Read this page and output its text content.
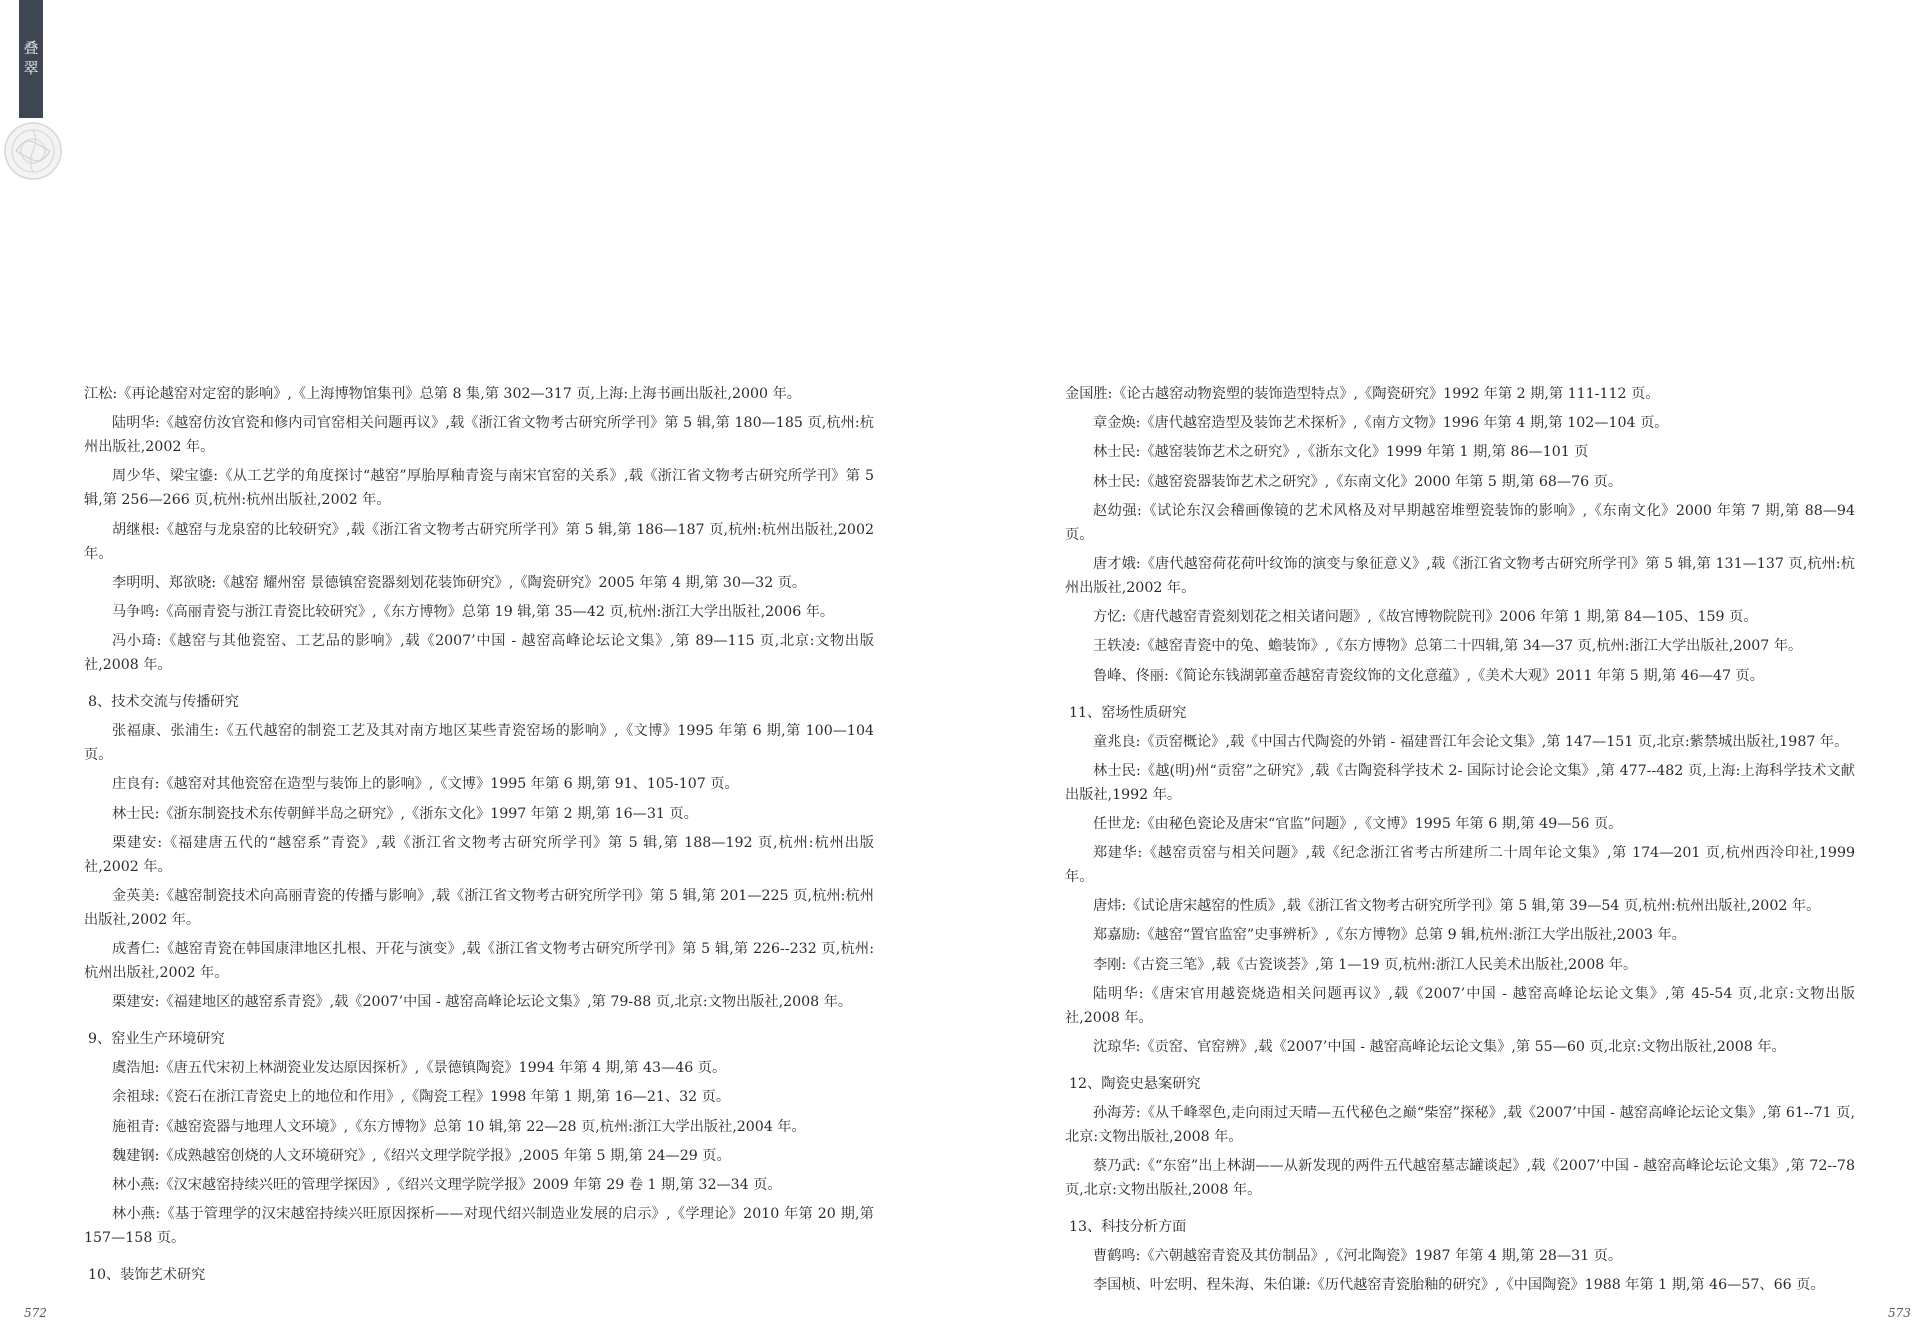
叠翠
江松:《再论越窑对定窑的影响》,《上海博物馆集刊》总第 8 集,第 302—317 页,上海:上海书画出版社,2000 年。
陆明华:《越窑仿汝官瓷和修内司官窑相关问题再议》,载《浙江省文物考古研究所学刊》第 5 辑,第 180—185 页,杭州:杭州出版社,2002 年。
周少华、梁宝鎏:《从工艺学的角度探讨“越窑”厚胎厚釉青瓷与南宋官窑的关系》,载《浙江省文物考古研究所学刊》第 5 辑,第 256—266 页,杭州:杭州出版社,2002 年。
胡继根:《越窑与龙泉窑的比较研究》,载《浙江省文物考古研究所学刊》第 5 辑,第 186—187 页,杭州:杭州出版社,2002 年。
李明明、郑欲晓:《越窑 耀州窑 景德镇窑瓷器刻划花装饰研究》,《陶瓷研究》2005 年第 4 期,第 30—32 页。
马争鸣:《高丽青瓷与浙江青瓷比较研究》,《东方博物》总第 19 辑,第 35—42 页,杭州:浙江大学出版社,2006 年。
冯小琦:《越窑与其他瓷窑、工艺品的影响》,载《2007’中国 - 越窑高峰论坛论文集》,第 89—115 页,北京:文物出版社,2008 年。
8、技术交流与传播研究
张福康、张浦生:《五代越窑的制瓷工艺及其对南方地区某些青瓷窑场的影响》,《文博》1995 年第 6 期,第 100—104 页。
庄良有:《越窑对其他瓷窑在造型与装饰上的影响》,《文博》1995 年第 6 期,第 91、105-107 页。
林士民:《浙东制瓷技术东传朝鲜半岛之研究》,《浙东文化》1997 年第 2 期,第 16—31 页。
栗建安:《福建唐五代的“越窑系”青瓷》,载《浙江省文物考古研究所学刊》第 5 辑,第 188—192 页,杭州:杭州出版社,2002 年。
金英美:《越窑制瓷技术向高丽青瓷的传播与影响》,载《浙江省文物考古研究所学刊》第 5 辑,第 201—225 页,杭州:杭州出版社,2002 年。
成耆仁:《越窑青瓷在韩国康津地区扎根、开花与演变》,载《浙江省文物考古研究所学刊》第 5 辑,第 226--232 页,杭州:杭州出版社,2002 年。
栗建安:《福建地区的越窑系青瓷》,载《2007’中国 - 越窑高峰论坛论文集》,第 79-88 页,北京:文物出版社,2008 年。
9、窑业生产环境研究
虞浩旭:《唐五代宋初上林湖瓷业发达原因探析》,《景德镇陶瓷》1994 年第 4 期,第 43—46 页。
余祖球:《瓷石在浙江青瓷史上的地位和作用》,《陶瓷工程》1998 年第 1 期,第 16—21、32 页。
施祖青:《越窑瓷器与地理人文环境》,《东方博物》总第 10 辑,第 22—28 页,杭州:浙江大学出版社,2004 年。
魏建钢:《成熟越窑创烧的人文环境研究》,《绍兴文理学院学报》,2005 年第 5 期,第 24—29 页。
林小燕:《汉宋越窑持续兴旺的管理学探因》,《绍兴文理学院学报》2009 年第 29 卷 1 期,第 32—34 页。
林小燕:《基于管理学的汉宋越窑持续兴旺原因探析——对现代绍兴制造业发展的启示》,《学理论》2010 年第 20 期,第 157—158 页。
10、装饰艺术研究
金国胜:《论古越窑动物瓷塑的装饰造型特点》,《陶瓷研究》1992 年第 2 期,第 111-112 页。
章金焕:《唐代越窑造型及装饰艺术探析》,《南方文物》1996 年第 4 期,第 102—104 页。
林士民:《越窑装饰艺术之研究》,《浙东文化》1999 年第 1 期,第 86—101 页
林士民:《越窑瓷器装饰艺术之研究》,《东南文化》2000 年第 5 期,第 68—76 页。
赵幼强:《试论东汉会稽画像镜的艺术风格及对早期越窑堆塑瓷装饰的影响》,《东南文化》2000 年第 7 期,第 88—94 页。
唐才娥:《唐代越窑荷花荷叶纹饰的演变与象征意义》,载《浙江省文物考古研究所学刊》第 5 辑,第 131—137 页,杭州:杭州出版社,2002 年。
方忆:《唐代越窑青瓷刻划花之相关诸问题》,《故宫博物院院刊》2006 年第 1 期,第 84—105、159 页。
王轶凌:《越窑青瓷中的兔、蟾装饰》,《东方博物》总第二十四辑,第 34—37 页,杭州:浙江大学出版社,2007 年。
鲁峰、佟丽:《简论东钱湖郭童岙越窑青瓷纹饰的文化意蕴》,《美术大观》2011 年第 5 期,第 46—47 页。
11、窑场性质研究
童兆良:《贡窑概论》,载《中国古代陶瓷的外销 - 福建晋江年会论文集》,第 147—151 页,北京:紫禁城出版社,1987 年。
林士民:《越(明)州“贡窑”之研究》,载《古陶瓷科学技术 2- 国际讨论会论文集》,第 477--482 页,上海:上海科学技术文献出版社,1992 年。
任世龙:《由秘色瓷论及唐宋“官监”问题》,《文博》1995 年第 6 期,第 49—56 页。
郑建华:《越窑贡窑与相关问题》,载《纪念浙江省考古所建所二十周年论文集》,第 174—201 页,杭州西泠印社,1999 年。
唐炜:《试论唐宋越窑的性质》,载《浙江省文物考古研究所学刊》第 5 辑,第 39—54 页,杭州:杭州出版社,2002 年。
郑嘉励:《越窑“置官监窑”史事辨析》,《东方博物》总第 9 辑,杭州:浙江大学出版社,2003 年。
李刚:《古瓷三笔》,载《古瓷谈荟》,第 1—19 页,杭州:浙江人民美术出版社,2008 年。
陆明华:《唐宋官用越瓷烧造相关问题再议》,载《2007’中国 - 越窑高峰论坛论文集》,第 45-54 页,北京:文物出版社,2008 年。
沈琼华:《贡窑、官窑辨》,载《2007’中国 - 越窑高峰论坛论文集》,第 55—60 页,北京:文物出版社,2008 年。
12、陶瓷史悬案研究
孙海芳:《从千峰翠色,走向雨过天晴—五代秘色之巅“柴窑”探秘》,载《2007’中国 - 越窑高峰论坛论文集》,第 61--71 页,北京:文物出版社,2008 年。
蔡乃武:《“东窑”出上林湖——从新发现的两件五代越窑墓志罐谈起》,载《2007’中国 - 越窑高峰论坛论文集》,第 72--78 页,北京:文物出版社,2008 年。
13、科技分析方面
曹鹤鸣:《六朝越窑青瓷及其仿制品》,《河北陶瓷》1987 年第 4 期,第 28—31 页。
李国桢、叶宏明、程朱海、朱伯谦:《历代越窑青瓷胎釉的研究》,《中国陶瓷》1988 年第 1 期,第 46—57、66 页。
572	573
